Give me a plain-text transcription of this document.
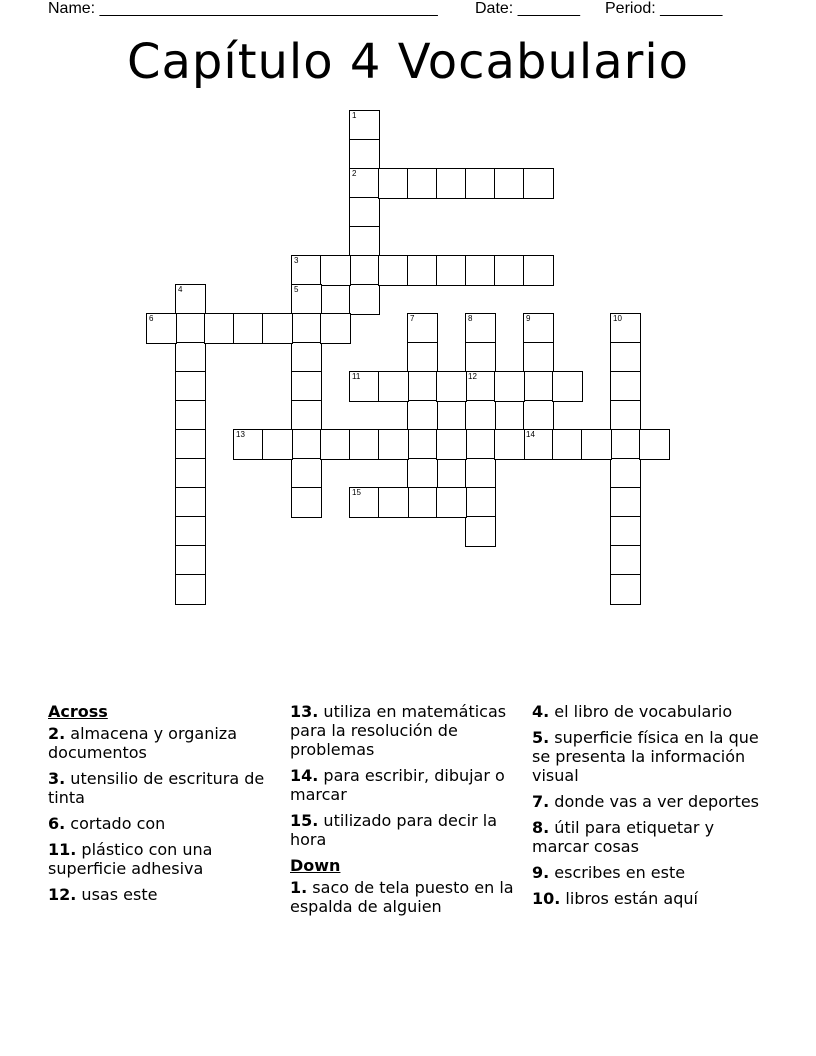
Name: ______________________________________ Date: _______ Period: _______
Capítulo 4 Vocabulario
1
2
3
4	5
6	7	8
12
9
14
10
11
13
15
Across
2. almacena y organiza documentos
3. utensilio de escritura de tinta
6. cortado con
11. plástico con una superficie adhesiva
12. usas este
13. utiliza en matemáticas para la resolución de problemas
14. para escribir, dibujar o marcar
15. utilizado para decir la hora
Down
1. saco de tela puesto en la espalda de alguien
4. el libro de vocabulario
5. superficie física en la que se presenta la información visual
7. donde vas a ver deportes
8. útil para etiquetar y marcar cosas
9. escribes en este
10. libros están aquí
